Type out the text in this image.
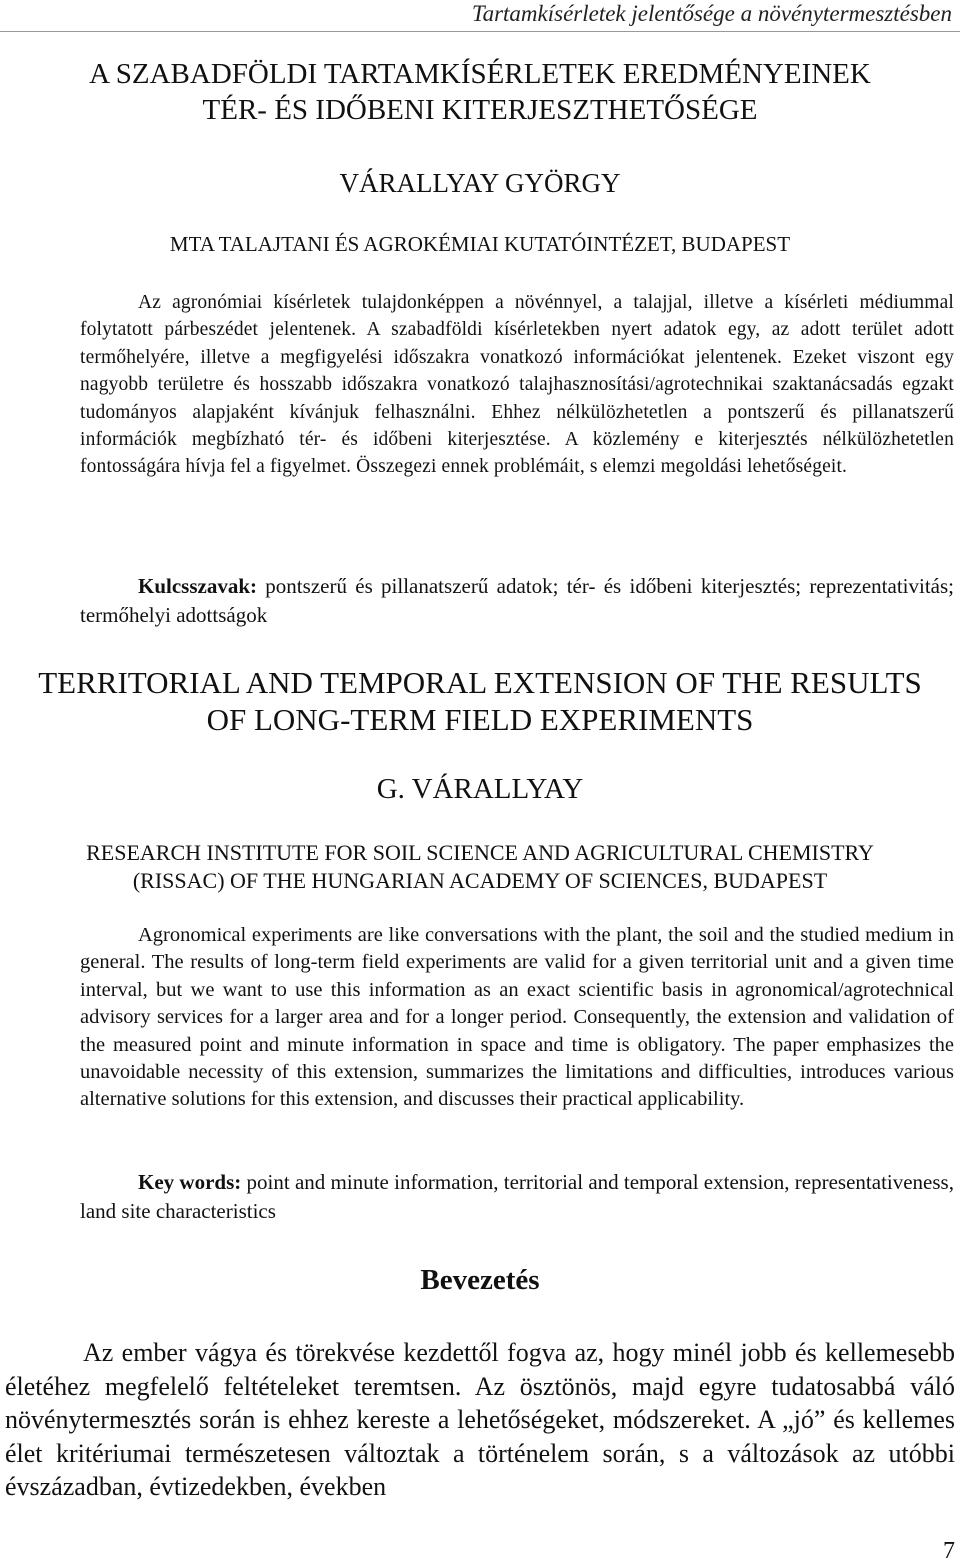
Tartamkísérletek jelentősége a növénytermesztésben
A SZABADFÖLDI TARTAMKÍSÉRLETEK EREDMÉNYEINEK
TÉR- ÉS IDŐBENI KITERJESZTHETŐSÉGE
VÁRALLYAY GYÖRGY
MTA TALAJTANI ÉS AGROKÉMIAI KUTATÓINTÉZET, BUDAPEST

Az agronómiai kísérletek tulajdonképpen a növénnyel, a talajjal, illetve a kísérleti médiummal folytatott párbeszédet jelentenek. A szabadföldi kísérletekben nyert adatok egy, az adott terület adott termőhelyére, illetve a megfigyelési időszakra vonatkozó információkat jelentenek. Ezeket viszont egy nagyobb területre és hosszabb időszakra vonatkozó talajhasznosítási/agrotechnikai szaktanácsadás egzakt tudományos alapjaként kívánjuk felhasználni. Ehhez nélkülözhetetlen a pontszerű és pillanatszerű információk megbízható tér- és időbeni kiterjesztése. A közlemény e kiterjesztés nélkülözhetetlen fontosságára hívja fel a figyelmet. Összegezi ennek problémáit, s elemzi megoldási lehetőségeit.

Kulcsszavak: pontszerű és pillanatszerű adatok; tér- és időbeni kiterjesztés; reprezentativitás; termőhelyi adottságok

TERRITORIAL AND TEMPORAL EXTENSION OF THE RESULTS
OF LONG-TERM FIELD EXPERIMENTS
G. VÁRALLYAY
RESEARCH INSTITUTE FOR SOIL SCIENCE AND AGRICULTURAL CHEMISTRY
(RISSAC) OF THE HUNGARIAN ACADEMY OF SCIENCES, BUDAPEST

Agronomical experiments are like conversations with the plant, the soil and the studied medium in general. The results of long-term field experiments are valid for a given territorial unit and a given time interval, but we want to use this information as an exact scientific basis in agronomical/agrotechnical advisory services for a larger area and for a longer period. Consequently, the extension and validation of the measured point and minute information in space and time is obligatory. The paper emphasizes the unavoidable necessity of this extension, summarizes the limitations and difficulties, introduces various alternative solutions for this extension, and discusses their practical applicability.

Key words: point and minute information, territorial and temporal extension, representativeness, land site characteristics

Bevezetés

Az ember vágya és törekvése kezdettől fogva az, hogy minél jobb és kellemesebb életéhez megfelelő feltételeket teremtsen. Az ösztönös, majd egyre tudatosabbá váló növénytermesztés során is ehhez kereste a lehetőségeket, módszereket. A „jó” és kellemes élet kritériumai természetesen változtak a történelem során, s a változások az utóbbi évszázadban, évtizedekben, években

7
